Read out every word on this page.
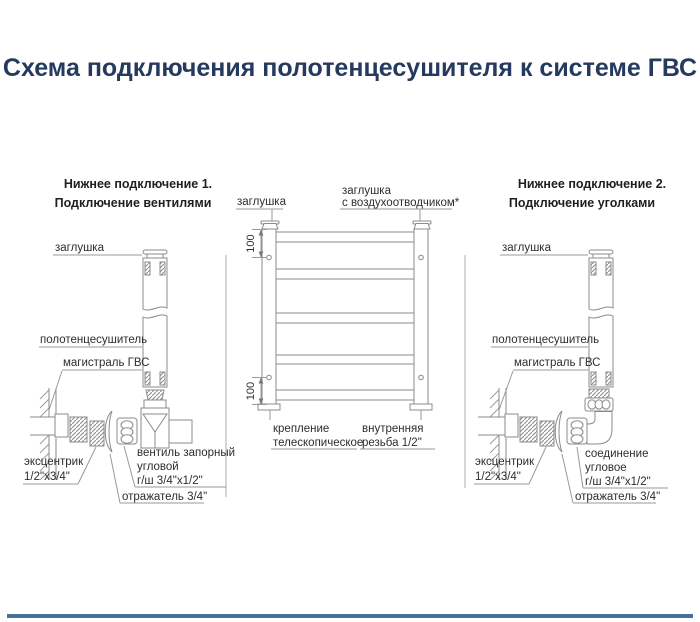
Схема подключения полотенцесушителя к системе ГВС
Нижнее подключение 1.
Подключение вентилями
Нижнее подключение 2.
Подключение уголками
заглушка
полотенцесушитель
магистраль ГВС
эксцентрик
1/2"x3/4"
вентиль запорный
угловой
г/ш 3/4"x1/2"
отражатель 3/4"
100
100
заглушка
заглушка
с воздухоотводчиком*
крепление
телескопическое
внутренняя
резьба 1/2"
заглушка
полотенцесушитель
магистраль ГВС
эксцентрик
1/2"x3/4"
соединение
угловое
г/ш 3/4"x1/2"
отражатель 3/4"
